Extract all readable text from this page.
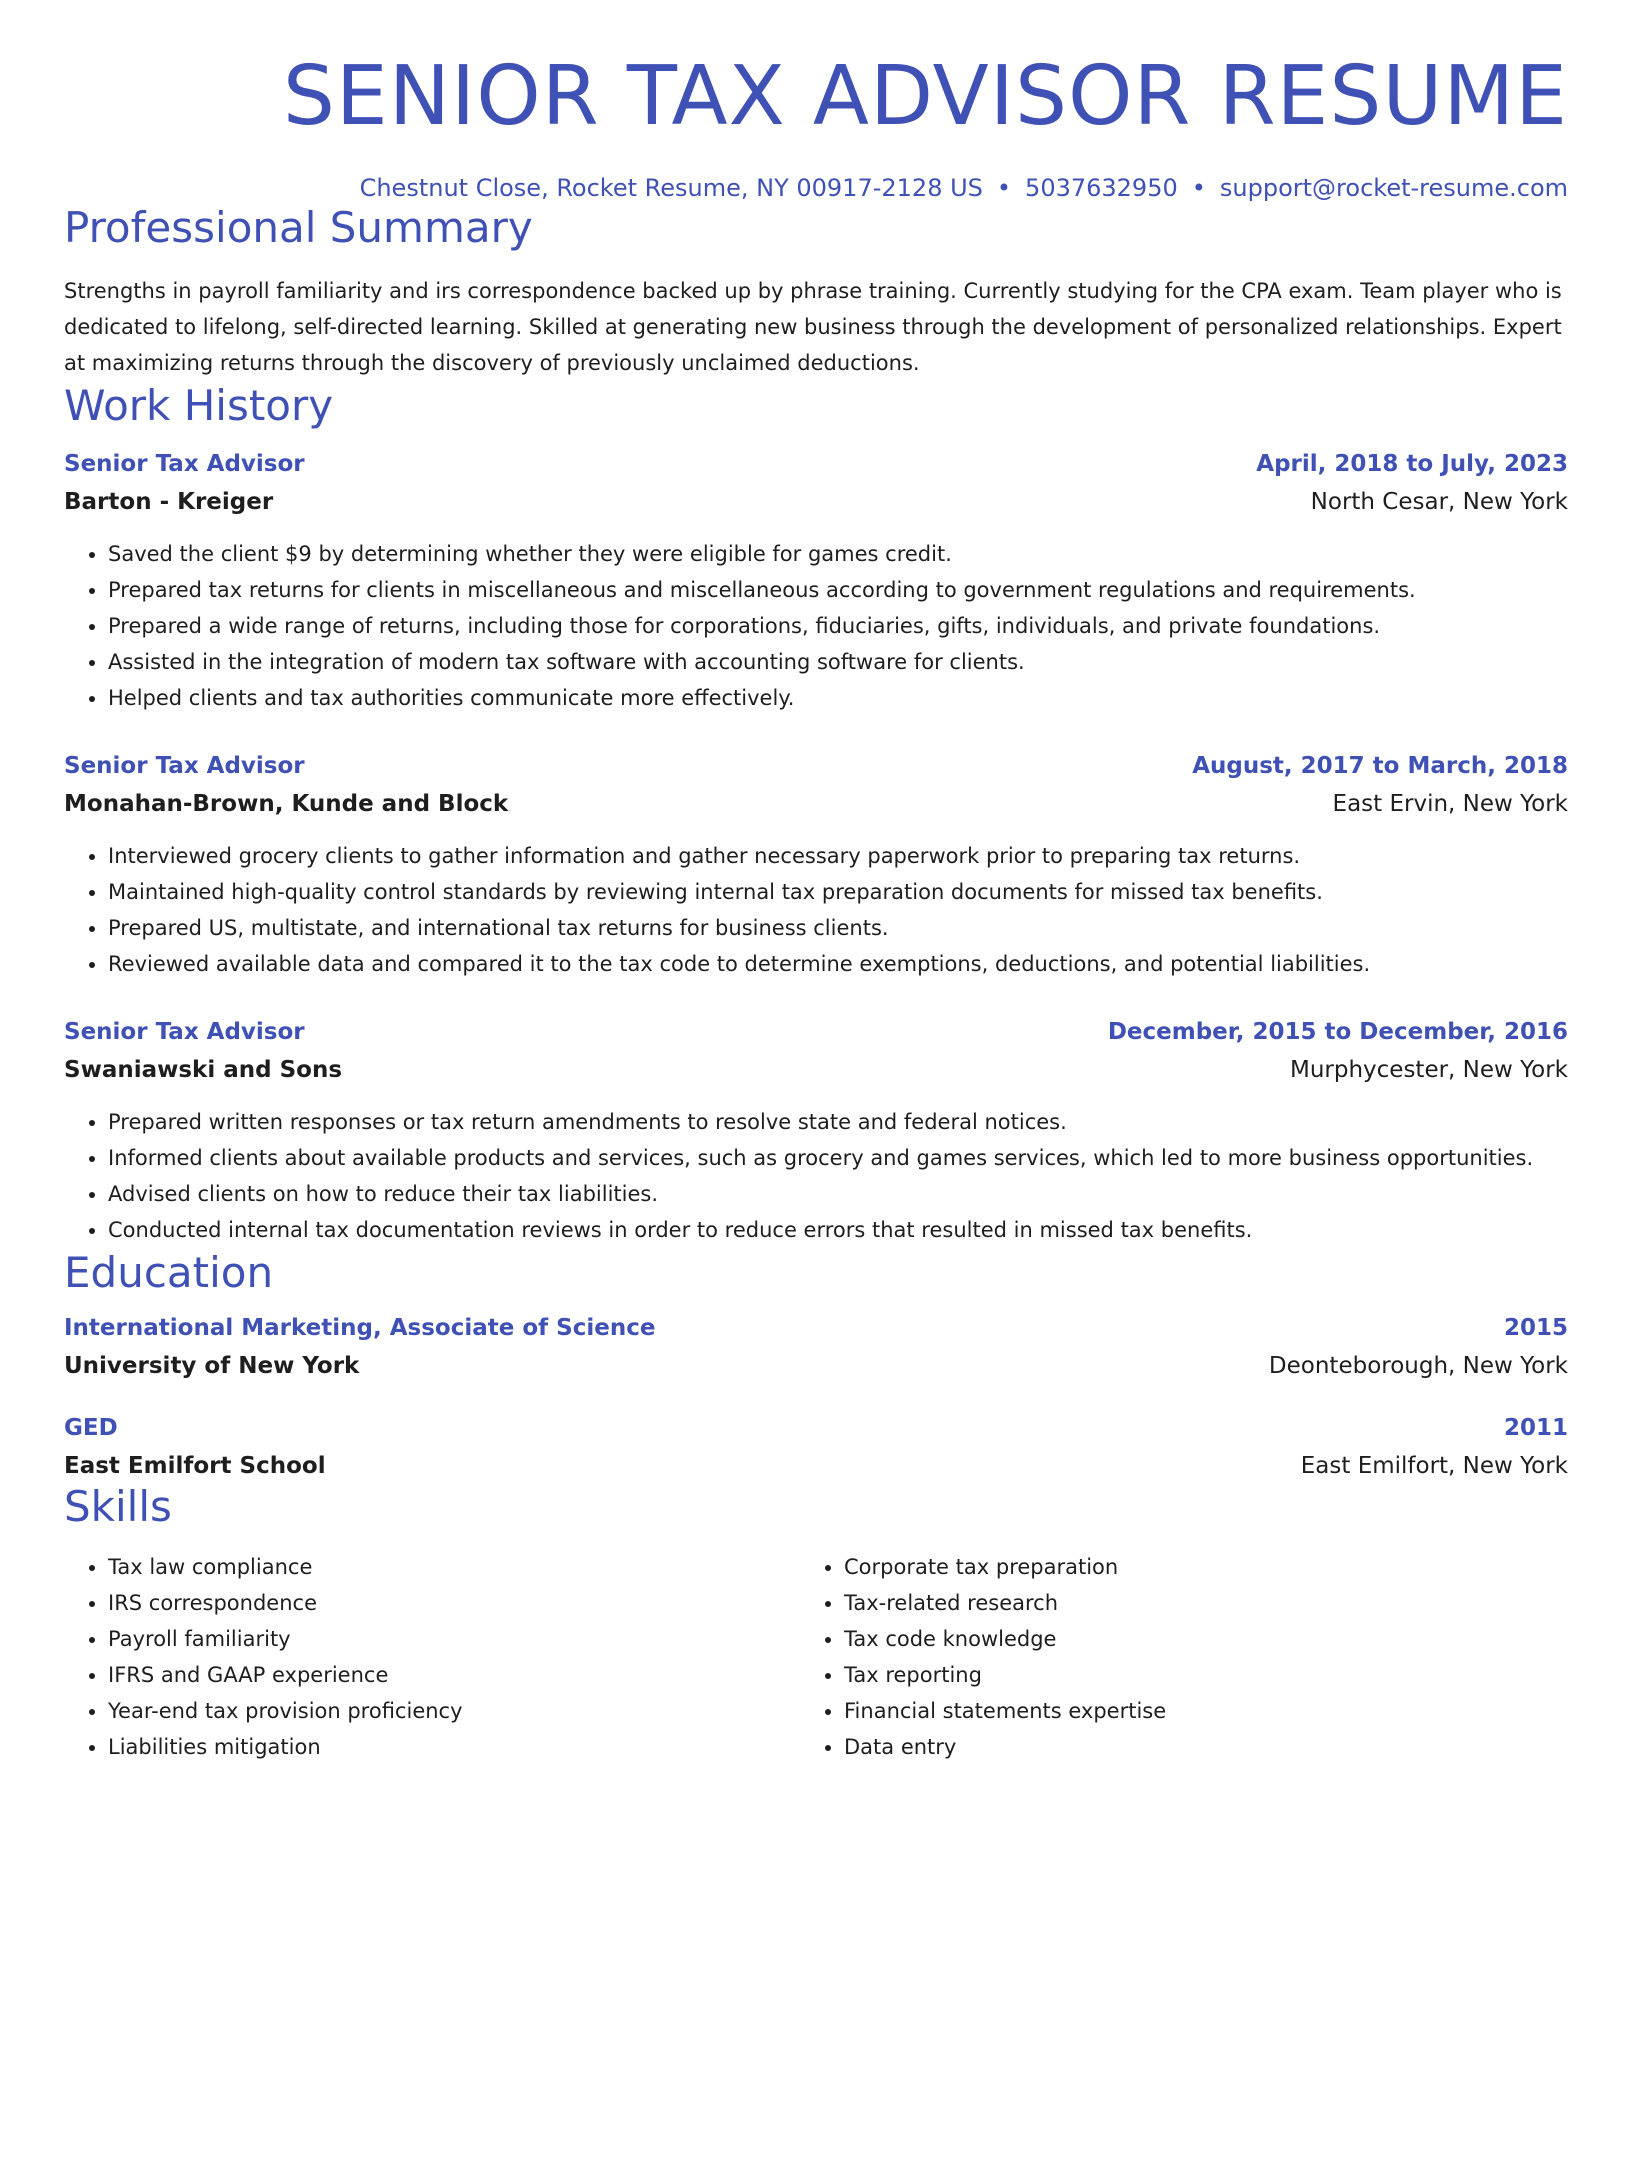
SENIOR TAX ADVISOR RESUME
Chestnut Close, Rocket Resume, NY 00917-2128 US • 5037632950 • support@rocket-resume.com
Professional Summary
Strengths in payroll familiarity and irs correspondence backed up by phrase training. Currently studying for the CPA exam. Team player who is dedicated to lifelong, self-directed learning. Skilled at generating new business through the development of personalized relationships. Expert at maximizing returns through the discovery of previously unclaimed deductions.
Work History
Senior Tax Advisor	April, 2018 to July, 2023
Barton - Kreiger	North Cesar, New York
• Saved the client $9 by determining whether they were eligible for games credit.
• Prepared tax returns for clients in miscellaneous and miscellaneous according to government regulations and requirements.
• Prepared a wide range of returns, including those for corporations, fiduciaries, gifts, individuals, and private foundations.
• Assisted in the integration of modern tax software with accounting software for clients.
• Helped clients and tax authorities communicate more effectively.
Senior Tax Advisor	August, 2017 to March, 2018
Monahan-Brown, Kunde and Block	East Ervin, New York
• Interviewed grocery clients to gather information and gather necessary paperwork prior to preparing tax returns.
• Maintained high-quality control standards by reviewing internal tax preparation documents for missed tax benefits.
• Prepared US, multistate, and international tax returns for business clients.
• Reviewed available data and compared it to the tax code to determine exemptions, deductions, and potential liabilities.
Senior Tax Advisor	December, 2015 to December, 2016
Swaniawski and Sons	Murphycester, New York
• Prepared written responses or tax return amendments to resolve state and federal notices.
• Informed clients about available products and services, such as grocery and games services, which led to more business opportunities.
• Advised clients on how to reduce their tax liabilities.
• Conducted internal tax documentation reviews in order to reduce errors that resulted in missed tax benefits.
Education
International Marketing, Associate of Science	2015
University of New York	Deonteborough, New York
GED	2011
East Emilfort School	East Emilfort, New York
Skills
• Tax law compliance
• IRS correspondence
• Payroll familiarity
• IFRS and GAAP experience
• Year-end tax provision proficiency
• Liabilities mitigation
• Corporate tax preparation
• Tax-related research
• Tax code knowledge
• Tax reporting
• Financial statements expertise
• Data entry
